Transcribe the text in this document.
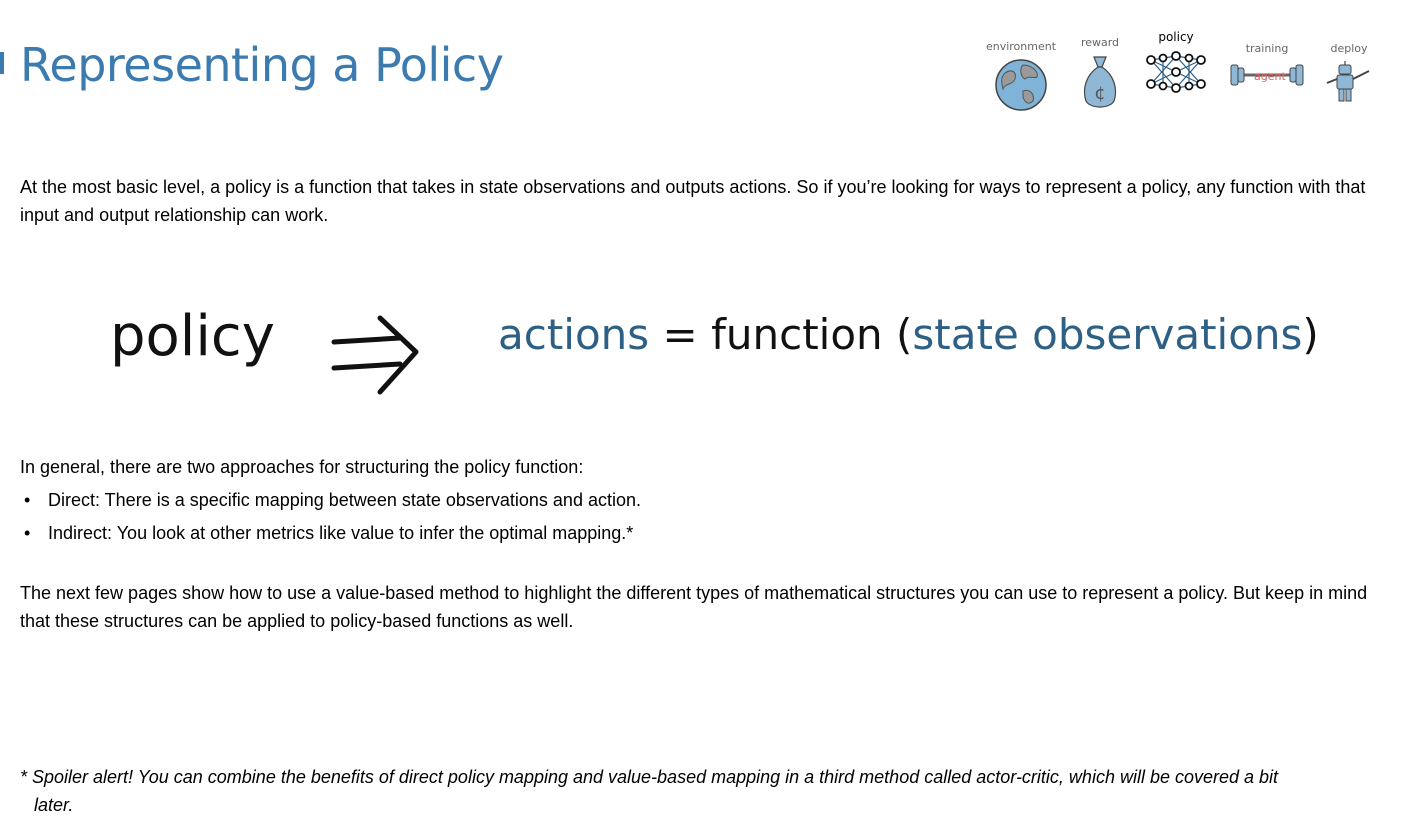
Representing a Policy	environment	reward
¢
policy
training
agent
deploy

At the most basic level, a policy is a function that takes in state observations and outputs actions. So if you’re looking for ways to represent a policy, any function with that input and output relationship can work.

policy	actions = function (state observations)

In general, there are two approaches for structuring the policy function:

• Direct: There is a specific mapping between state observations and action.
• Indirect: You look at other metrics like value to infer the optimal mapping.*

The next few pages show how to use a value-based method to highlight the different types of mathematical structures you can use to represent a policy. But keep in mind that these structures can be applied to policy-based functions as well.

* Spoiler alert! You can combine the benefits of direct policy mapping and value-based mapping in a third method called actor-critic, which will be covered a bit later.
